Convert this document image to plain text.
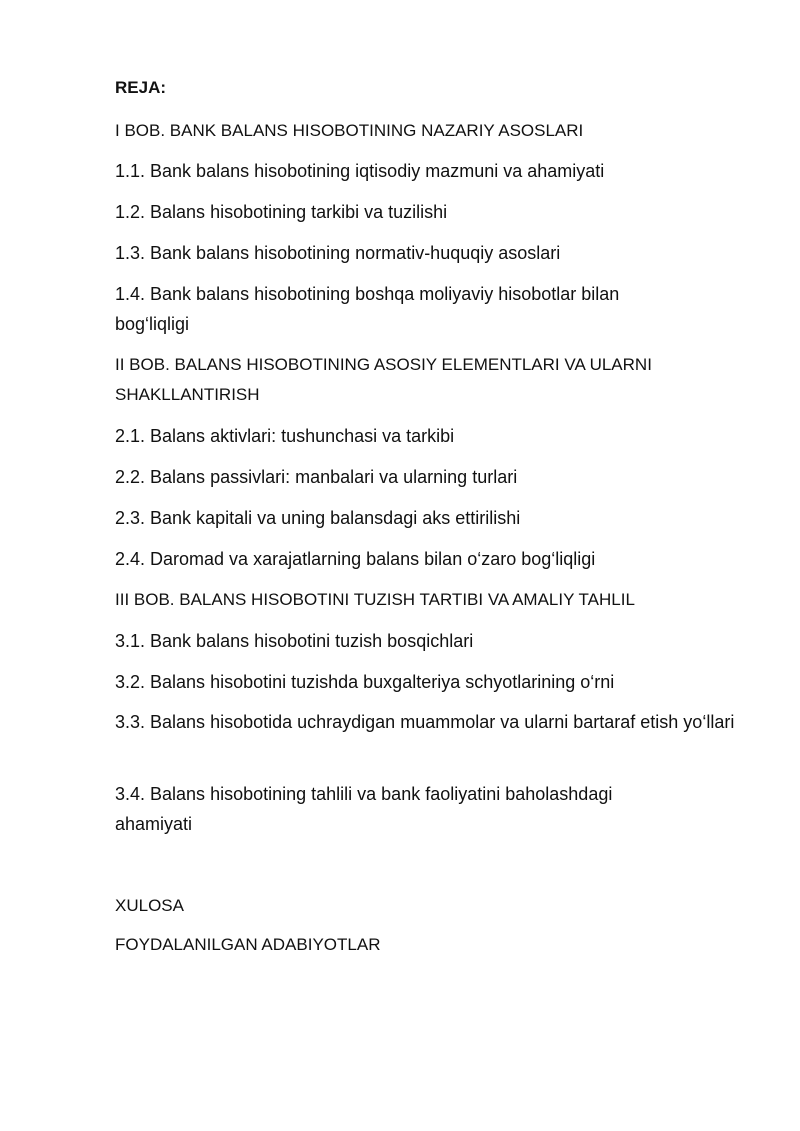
REJA:
I BOB. BANK BALANS HISOBOTINING NAZARIY ASOSLARI
1.1. Bank balans hisobotining iqtisodiy mazmuni va ahamiyati
1.2. Balans hisobotining tarkibi va tuzilishi
1.3. Bank balans hisobotining normativ-huquqiy asoslari
1.4. Bank balans hisobotining boshqa moliyaviy hisobotlar bilan bog‘liqligi
II BOB. BALANS HISOBOTINING ASOSIY ELEMENTLARI VA ULARNI SHAKLLANTIRISH
2.1. Balans aktivlari: tushunchasi va tarkibi
2.2. Balans passivlari: manbalari va ularning turlari
2.3. Bank kapitali va uning balansdagi aks ettirilishi
2.4. Daromad va xarajatlarning balans bilan o‘zaro bog‘liqligi
III BOB. BALANS HISOBOTINI TUZISH TARTIBI VA AMALIY TAHLIL
3.1. Bank balans hisobotini tuzish bosqichlari
3.2. Balans hisobotini tuzishda buxgalteriya schyotlarining o‘rni
3.3. Balans hisobotida uchraydigan muammolar va ularni bartaraf etish yo‘llari
3.4. Balans hisobotining tahlili va bank faoliyatini baholashdagi ahamiyati
XULOSA
FOYDALANILGAN ADABIYOTLAR
